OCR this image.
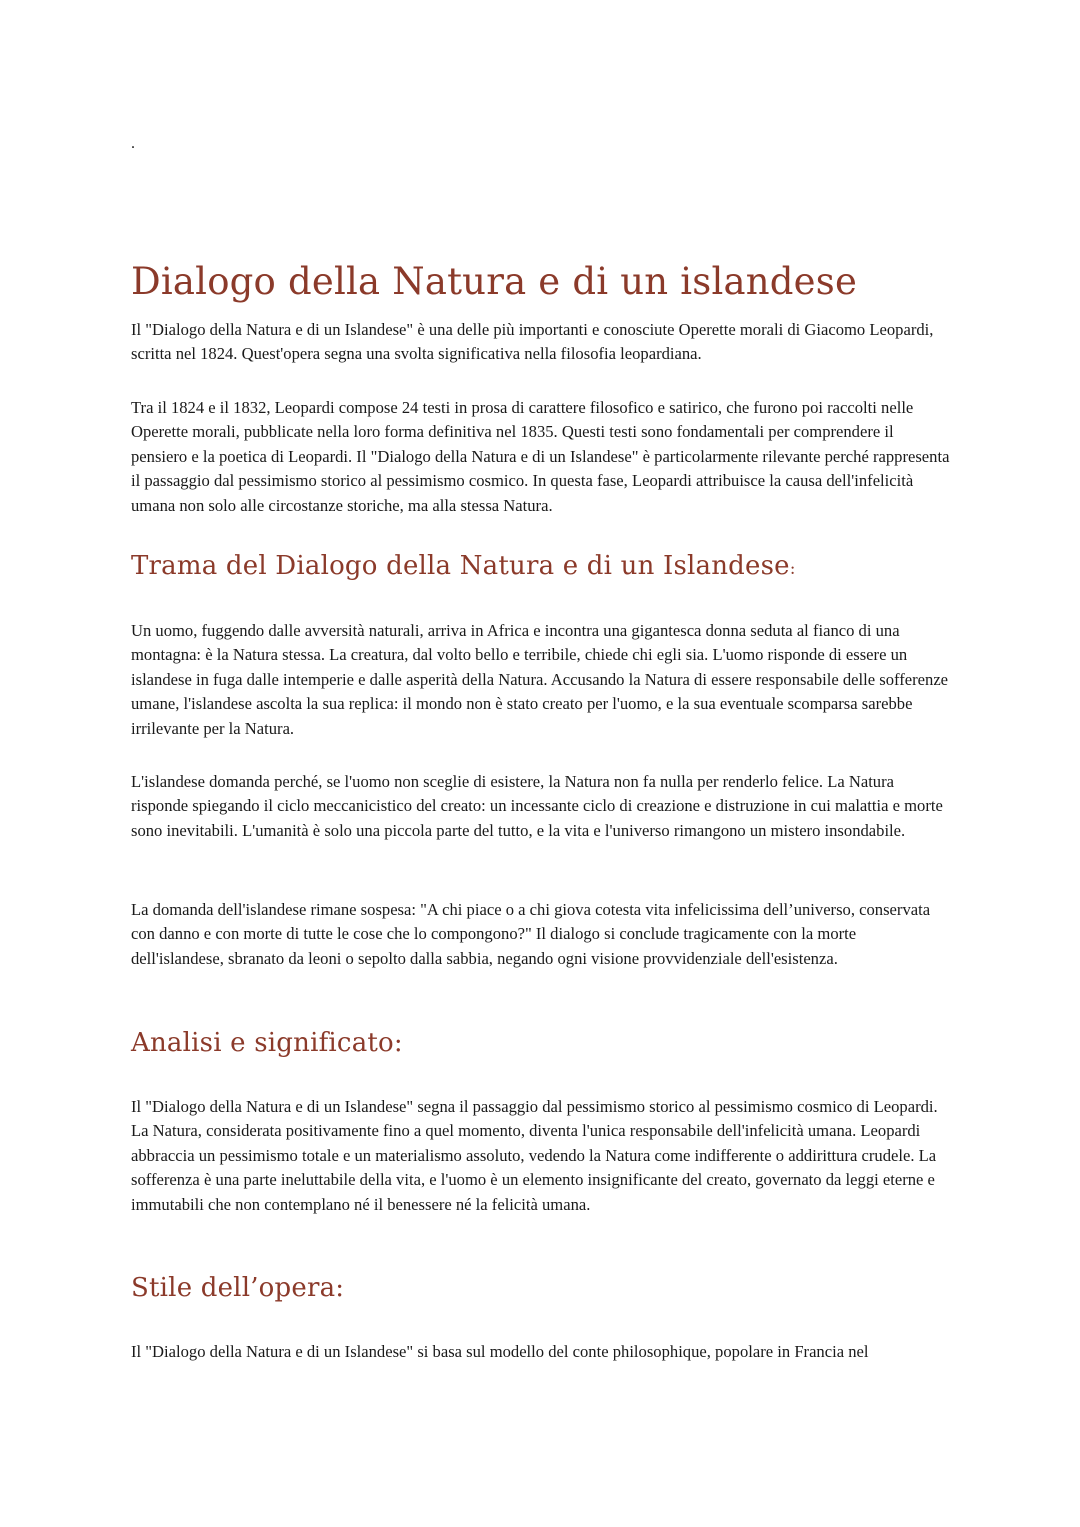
.
Dialogo della Natura e di un islandese

Il "Dialogo della Natura e di un Islandese" è una delle più importanti e conosciute Operette morali di Giacomo Leopardi, scritta nel 1824. Quest'opera segna una svolta significativa nella filosofia leopardiana.

Tra il 1824 e il 1832, Leopardi compose 24 testi in prosa di carattere filosofico e satirico, che furono poi raccolti nelle Operette morali, pubblicate nella loro forma definitiva nel 1835. Questi testi sono fondamentali per comprendere il pensiero e la poetica di Leopardi. Il "Dialogo della Natura e di un Islandese" è particolarmente rilevante perché rappresenta il passaggio dal pessimismo storico al pessimismo cosmico. In questa fase, Leopardi attribuisce la causa dell'infelicità umana non solo alle circostanze storiche, ma alla stessa Natura.

Trama del Dialogo della Natura e di un Islandese:

Un uomo, fuggendo dalle avversità naturali, arriva in Africa e incontra una gigantesca donna seduta al fianco di una montagna: è la Natura stessa. La creatura, dal volto bello e terribile, chiede chi egli sia. L'uomo risponde di essere un islandese in fuga dalle intemperie e dalle asperità della Natura. Accusando la Natura di essere responsabile delle sofferenze umane, l'islandese ascolta la sua replica: il mondo non è stato creato per l'uomo, e la sua eventuale scomparsa sarebbe irrilevante per la Natura.

L'islandese domanda perché, se l'uomo non sceglie di esistere, la Natura non fa nulla per renderlo felice. La Natura risponde spiegando il ciclo meccanicistico del creato: un incessante ciclo di creazione e distruzione in cui malattia e morte sono inevitabili. L'umanità è solo una piccola parte del tutto, e la vita e l'universo rimangono un mistero insondabile.

La domanda dell'islandese rimane sospesa: "A chi piace o a chi giova cotesta vita infelicissima dell’universo, conservata con danno e con morte di tutte le cose che lo compongono?" Il dialogo si conclude tragicamente con la morte dell'islandese, sbranato da leoni o sepolto dalla sabbia, negando ogni visione provvidenziale dell'esistenza.

Analisi e significato:

Il "Dialogo della Natura e di un Islandese" segna il passaggio dal pessimismo storico al pessimismo cosmico di Leopardi. La Natura, considerata positivamente fino a quel momento, diventa l'unica responsabile dell'infelicità umana. Leopardi abbraccia un pessimismo totale e un materialismo assoluto, vedendo la Natura come indifferente o addirittura crudele. La sofferenza è una parte ineluttabile della vita, e l'uomo è un elemento insignificante del creato, governato da leggi eterne e immutabili che non contemplano né il benessere né la felicità umana.

Stile dell’opera:

Il "Dialogo della Natura e di un Islandese" si basa sul modello del conte philosophique, popolare in Francia nel
